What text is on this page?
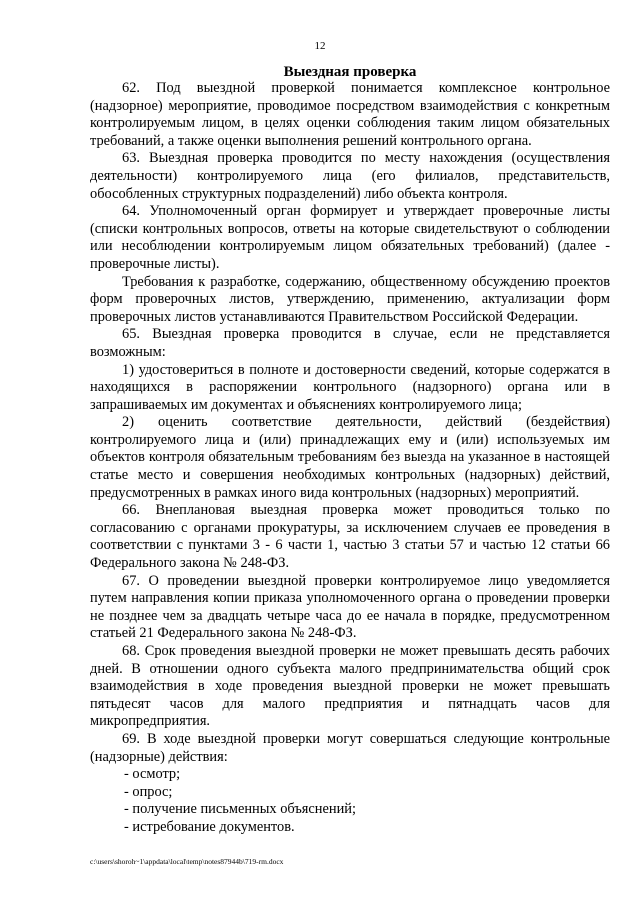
12
Выездная проверка

62. Под выездной проверкой понимается комплексное контрольное (надзорное) мероприятие, проводимое посредством взаимодействия с конкретным контролируемым лицом, в целях оценки соблюдения таким лицом обязательных требований, а также оценки выполнения решений контрольного органа.

63. Выездная проверка проводится по месту нахождения (осуществления деятельности) контролируемого лица (его филиалов, представительств, обособленных структурных подразделений) либо объекта контроля.

64. Уполномоченный орган формирует и утверждает проверочные листы (списки контрольных вопросов, ответы на которые свидетельствуют о соблюдении или несоблюдении контролируемым лицом обязательных требований) (далее - проверочные листы).

Требования к разработке, содержанию, общественному обсуждению проектов форм проверочных листов, утверждению, применению, актуализации форм проверочных листов устанавливаются Правительством Российской Федерации.

65. Выездная проверка проводится в случае, если не представляется возможным:

1) удостовериться в полноте и достоверности сведений, которые содержатся в находящихся в распоряжении контрольного (надзорного) органа или в запрашиваемых им документах и объяснениях контролируемого лица;

2) оценить соответствие деятельности, действий (бездействия) контролируемого лица и (или) принадлежащих ему и (или) используемых им объектов контроля обязательным требованиям без выезда на указанное в настоящей статье место и совершения необходимых контрольных (надзорных) действий, предусмотренных в рамках иного вида контрольных (надзорных) мероприятий.

66. Внеплановая выездная проверка может проводиться только по согласованию с органами прокуратуры, за исключением случаев ее проведения в соответствии с пунктами 3 - 6 части 1, частью 3 статьи 57 и частью 12 статьи 66 Федерального закона № 248-ФЗ.

67. О проведении выездной проверки контролируемое лицо уведомляется путем направления копии приказа уполномоченного органа о проведении проверки не позднее чем за двадцать четыре часа до ее начала в порядке, предусмотренном статьей 21 Федерального закона № 248-ФЗ.

68. Срок проведения выездной проверки не может превышать десять рабочих дней. В отношении одного субъекта малого предпринимательства общий срок взаимодействия в ходе проведения выездной проверки не может превышать пятьдесят часов для малого предприятия и пятнадцать часов для микропредприятия.

69. В ходе выездной проверки могут совершаться следующие контрольные (надзорные) действия:

- осмотр;

- опрос;

- получение письменных объяснений;

- истребование документов.

c:\users\shoroh~1\appdata\local\temp\notes87944b\719-rm.docx
